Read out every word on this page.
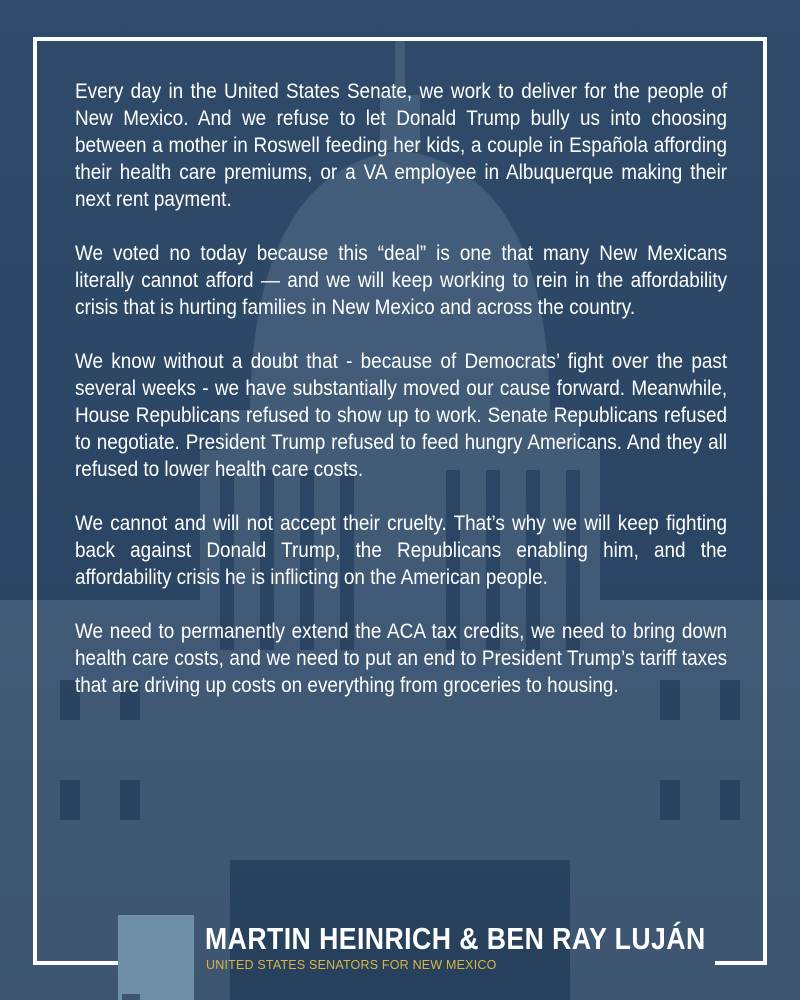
Every day in the United States Senate, we work to deliver for the people of New Mexico. And we refuse to let Donald Trump bully us into choosing between a mother in Roswell feeding her kids, a couple in Española affording their health care premiums, or a VA employee in Albuquerque making their next rent payment.

We voted no today because this “deal” is one that many New Mexicans literally cannot afford — and we will keep working to rein in the affordability crisis that is hurting families in New Mexico and across the country.

We know without a doubt that - because of Democrats’ fight over the past several weeks - we have substantially moved our cause forward. Meanwhile, House Republicans refused to show up to work. Senate Republicans refused to negotiate. President Trump refused to feed hungry Americans. And they all refused to lower health care costs.

We cannot and will not accept their cruelty. That’s why we will keep fighting back against Donald Trump, the Republicans enabling him, and the affordability crisis he is inflicting on the American people.

We need to permanently extend the ACA tax credits, we need to bring down health care costs, and we need to put an end to President Trump’s tariff taxes that are driving up costs on everything from groceries to housing.

MARTIN HEINRICH & BEN RAY LUJÁN
UNITED STATES SENATORS FOR NEW MEXICO
